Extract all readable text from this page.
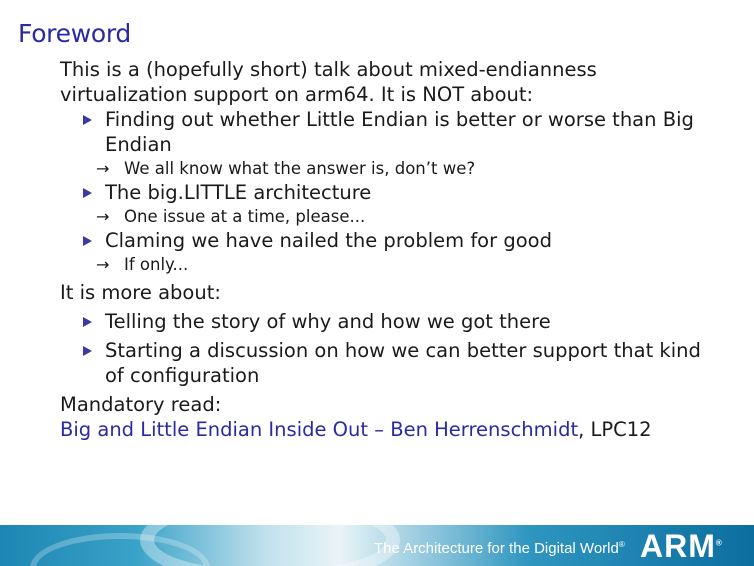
Foreword
This is a (hopefully short) talk about mixed-endianness
virtualization support on arm64. It is NOT about:
Finding out whether Little Endian is better or worse than Big
Endian
→ We all know what the answer is, don’t we?
The big.LITTLE architecture
→ One issue at a time, please...
Claming we have nailed the problem for good
→ If only...
It is more about:
Telling the story of why and how we got there
Starting a discussion on how we can better support that kind
of configuration
Mandatory read:
Big and Little Endian Inside Out – Ben Herrenschmidt, LPC12
The Architecture for the Digital World® ARM®
